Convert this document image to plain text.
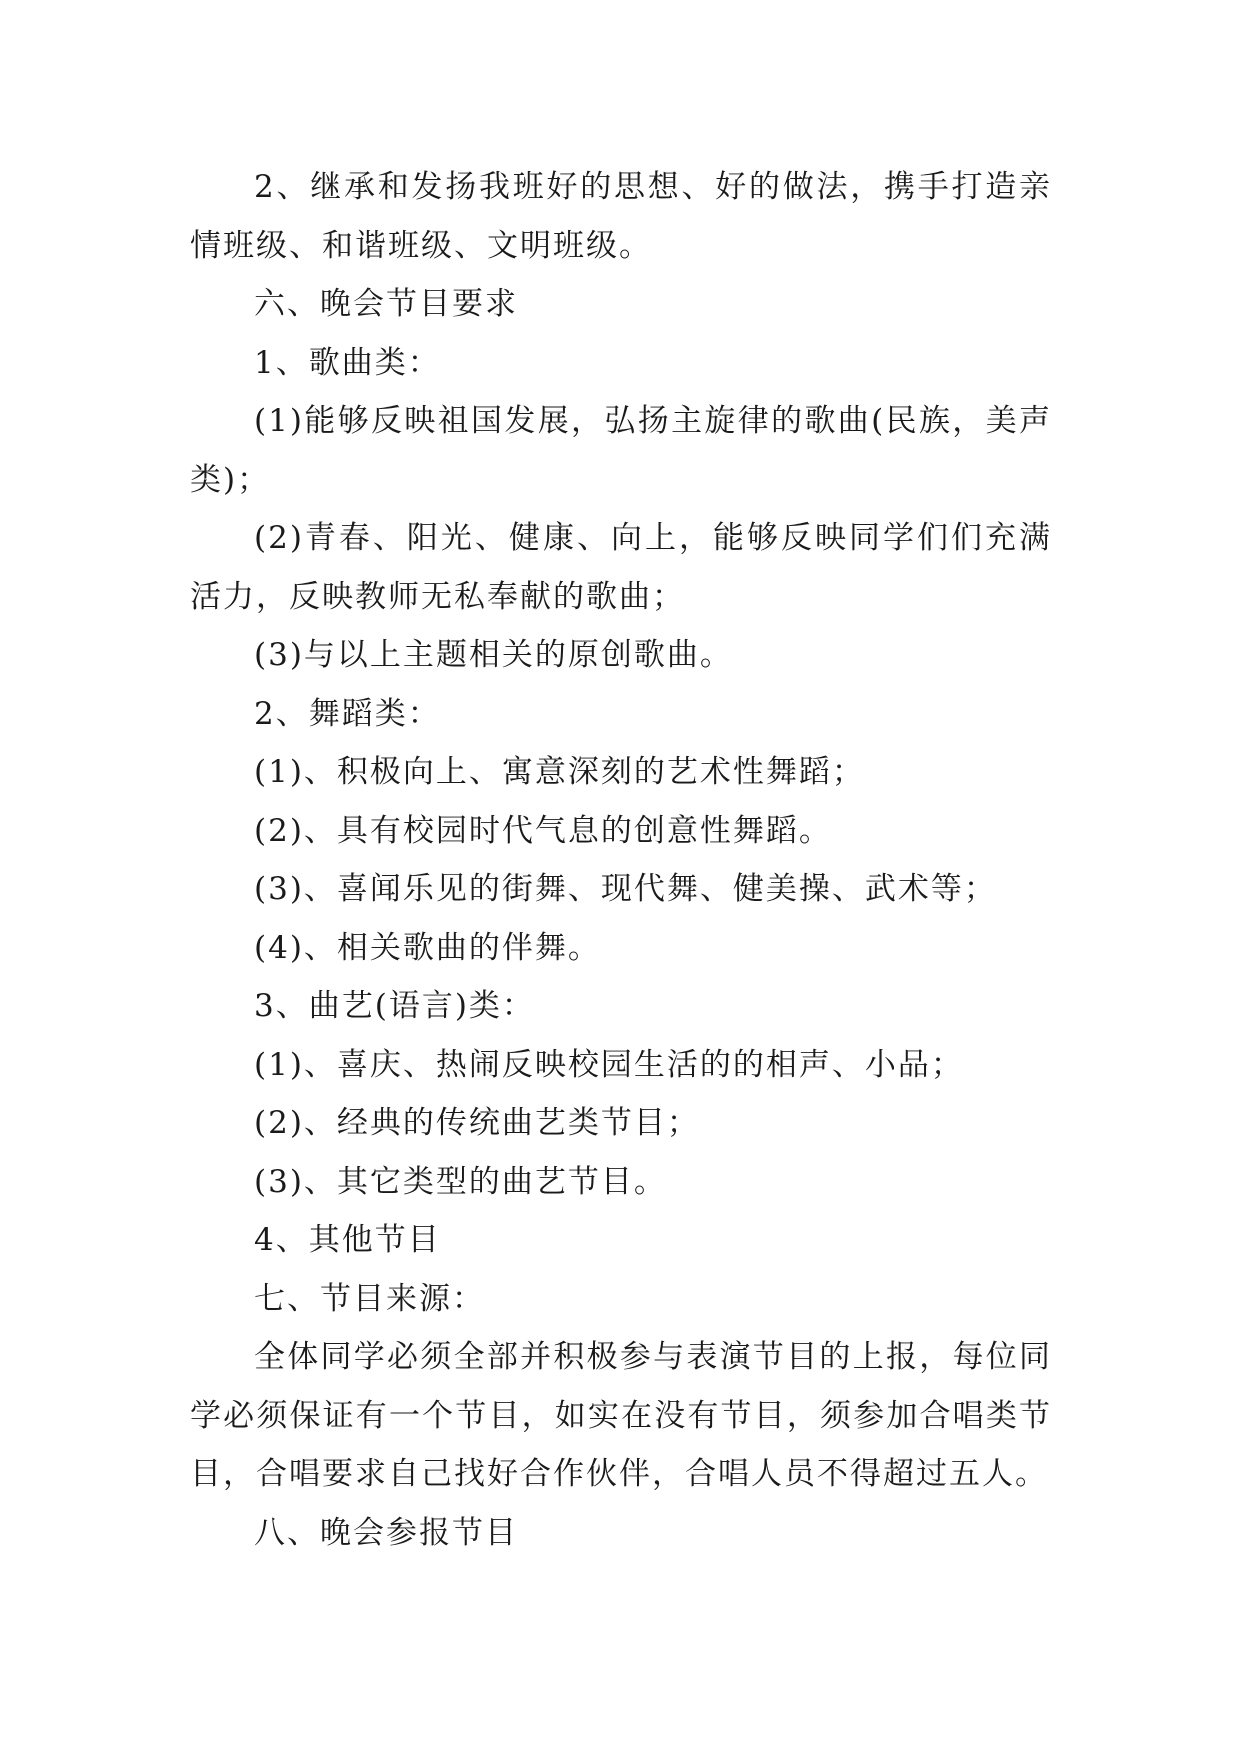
2、继承和发扬我班好的思想、好的做法，携手打造亲情班级、和谐班级、文明班级。

六、晚会节目要求

1、歌曲类：

(1)能够反映祖国发展，弘扬主旋律的歌曲(民族，美声类)；

(2)青春、阳光、健康、向上，能够反映同学们们充满活力，反映教师无私奉献的歌曲；

(3)与以上主题相关的原创歌曲。

2、舞蹈类：

(1)、积极向上、寓意深刻的艺术性舞蹈；

(2)、具有校园时代气息的创意性舞蹈。

(3)、喜闻乐见的街舞、现代舞、健美操、武术等；

(4)、相关歌曲的伴舞。

3、曲艺(语言)类：

(1)、喜庆、热闹反映校园生活的的相声、小品；

(2)、经典的传统曲艺类节目；

(3)、其它类型的曲艺节目。

4、其他节目

七、节目来源：

全体同学必须全部并积极参与表演节目的上报，每位同学必须保证有一个节目，如实在没有节目，须参加合唱类节目，合唱要求自己找好合作伙伴，合唱人员不得超过五人。

八、晚会参报节目
